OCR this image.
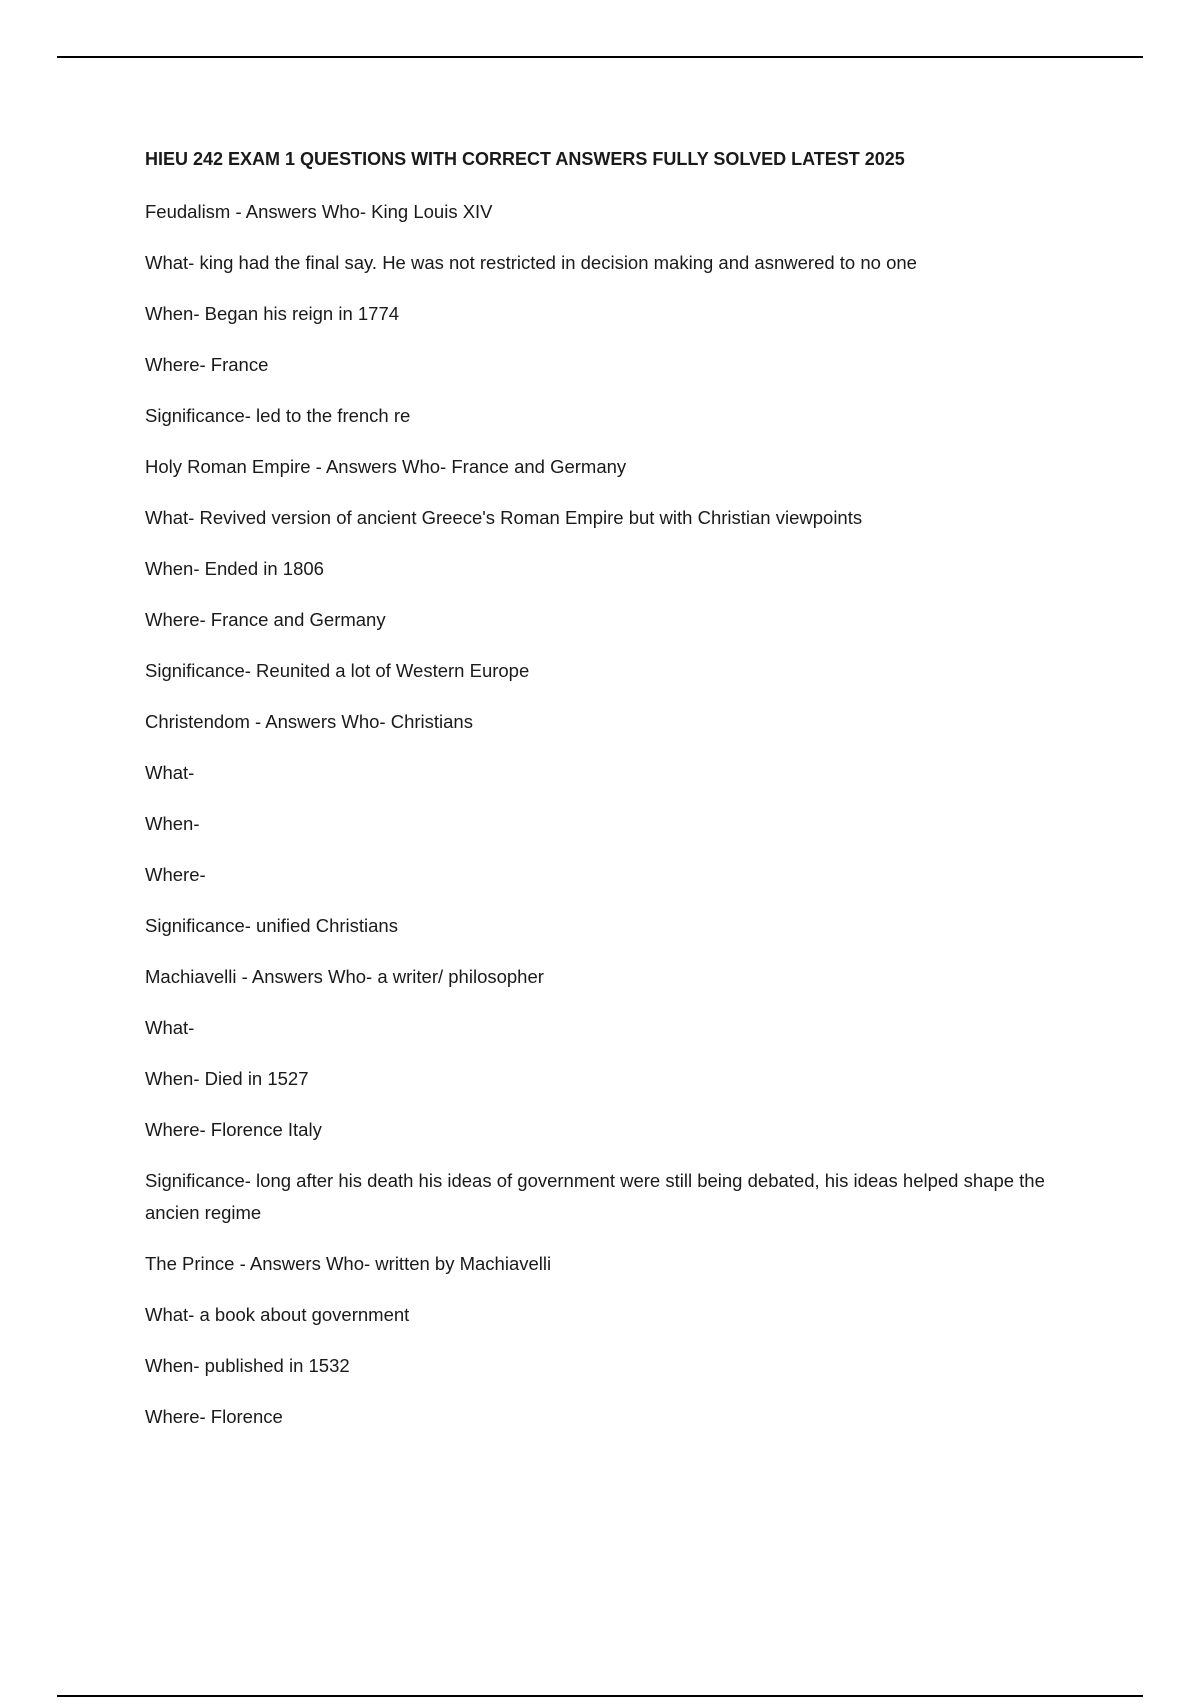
HIEU 242 EXAM 1 QUESTIONS WITH CORRECT ANSWERS FULLY SOLVED LATEST 2025
Feudalism - Answers Who- King Louis XIV
What- king had the final say. He was not restricted in decision making and asnwered to no one
When- Began his reign in 1774
Where- France
Significance- led to the french re
Holy Roman Empire - Answers Who- France and Germany
What- Revived version of ancient Greece's Roman Empire but with Christian viewpoints
When- Ended in 1806
Where- France and Germany
Significance- Reunited a lot of Western Europe
Christendom - Answers Who- Christians
What-
When-
Where-
Significance- unified Christians
Machiavelli - Answers Who- a writer/ philosopher
What-
When- Died in 1527
Where- Florence Italy
Significance- long after his death his ideas of government were still being debated, his ideas helped shape the ancien regime
The Prince - Answers Who- written by Machiavelli
What- a book about government
When- published in 1532
Where- Florence
